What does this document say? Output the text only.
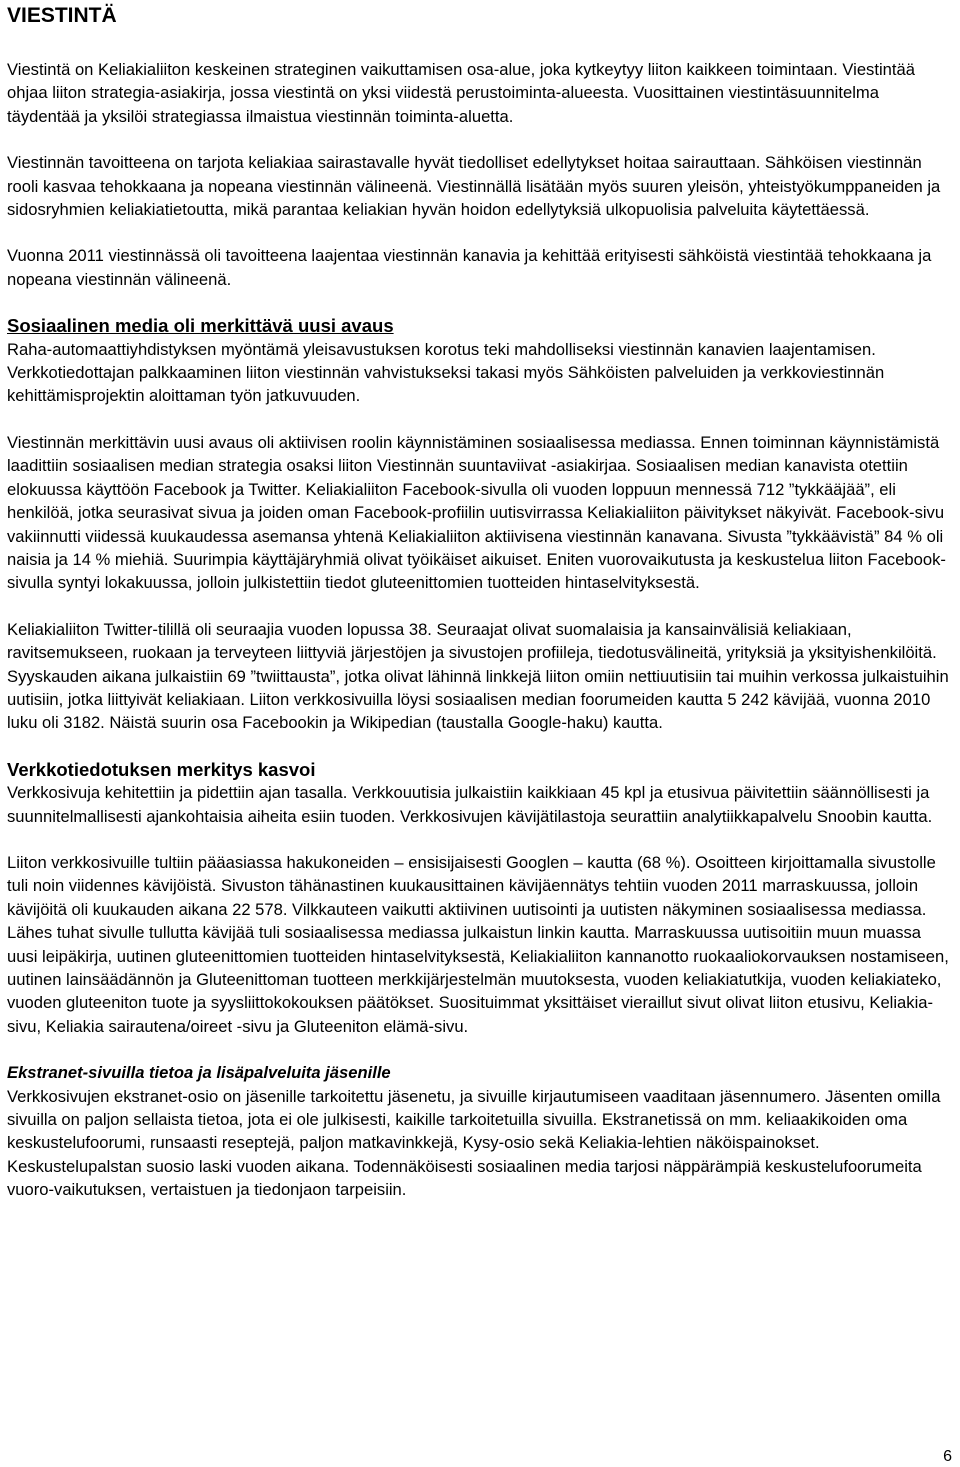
VIESTINTÄ

Viestintä on Keliakialiiton keskeinen strateginen vaikuttamisen osa-alue, joka kytkeytyy liiton kaikkeen toimintaan. Viestintää ohjaa liiton strategia-asiakirja, jossa viestintä on yksi viidestä perustoiminta-alueesta. Vuosittainen viestintäsuunnitelma täydentää ja yksilöi strategiassa ilmaistua viestinnän toiminta-aluetta.

Viestinnän tavoitteena on tarjota keliakiaa sairastavalle hyvät tiedolliset edellytykset hoitaa sairauttaan. Sähköisen viestinnän rooli kasvaa tehokkaana ja nopeana viestinnän välineenä. Viestinnällä lisätään myös suuren yleisön, yhteistyökumppaneiden ja sidosryhmien keliakiatietoutta, mikä parantaa keliakian hyvän hoidon edellytyksiä ulkopuolisia palveluita käytettäessä.

Vuonna 2011 viestinnässä oli tavoitteena laajentaa viestinnän kanavia ja kehittää erityisesti sähköistä viestintää tehokkaana ja nopeana viestinnän välineenä.

Sosiaalinen media oli merkittävä uusi avaus

Raha-automaattiyhdistyksen myöntämä yleisavustuksen korotus teki mahdolliseksi viestinnän kanavien laajentamisen. Verkkotiedottajan palkkaaminen liiton viestinnän vahvistukseksi takasi myös Sähköisten palveluiden ja verkkoviestinnän kehittämisprojektin aloittaman työn jatkuvuuden.

Viestinnän merkittävin uusi avaus oli aktiivisen roolin käynnistäminen sosiaalisessa mediassa. Ennen toiminnan käynnistämistä laadittiin sosiaalisen median strategia osaksi liiton Viestinnän suuntaviivat -asiakirjaa. Sosiaalisen median kanavista otettiin elokuussa käyttöön Facebook ja Twitter. Keliakialiiton Facebook-sivulla oli vuoden loppuun mennessä 712 ”tykkääjää”, eli henkilöä, jotka seurasivat sivua ja joiden oman Facebook-profiilin uutisvirrassa Keliakialiiton päivitykset näkyivät. Facebook-sivu vakiinnutti viidessä kuukaudessa asemansa yhtenä Keliakialiiton aktiivisena viestinnän kanavana. Sivusta ”tykkäävistä” 84 % oli naisia ja 14 % miehiä. Suurimpia käyttäjäryhmiä olivat työikäiset aikuiset. Eniten vuorovaikutusta ja keskustelua liiton Facebook-sivulla syntyi lokakuussa, jolloin julkistettiin tiedot gluteenittomien tuotteiden hintaselvityksestä.

Keliakialiiton Twitter-tilillä oli seuraajia vuoden lopussa 38. Seuraajat olivat suomalaisia ja kansainvälisiä keliakiaan, ravitsemukseen, ruokaan ja terveyteen liittyviä järjestöjen ja sivustojen profiileja, tiedotusvälineitä, yrityksiä ja yksityishenkilöitä. Syyskauden aikana julkaistiin 69 ”twiittausta”, jotka olivat lähinnä linkkejä liiton omiin nettiuutisiin tai muihin verkossa julkaistuihin uutisiin, jotka liittyivät keliakiaan. Liiton verkkosivuilla löysi sosiaalisen median foorumeiden kautta 5 242 kävijää, vuonna 2010 luku oli 3182. Näistä suurin osa Facebookin ja Wikipedian (taustalla Google-haku) kautta.

Verkkotiedotuksen merkitys kasvoi

Verkkosivuja kehitettiin ja pidettiin ajan tasalla. Verkkouutisia julkaistiin kaikkiaan 45 kpl ja etusivua päivitettiin säännöllisesti ja suunnitelmallisesti ajankohtaisia aiheita esiin tuoden. Verkkosivujen kävijätilastoja seurattiin analytiikkapalvelu Snoobin kautta.

Liiton verkkosivuille tultiin pääasiassa hakukoneiden – ensisijaisesti Googlen – kautta (68 %). Osoitteen kirjoittamalla sivustolle tuli noin viidennes kävijöistä. Sivuston tähänastinen kuukausittainen kävijäennätys tehtiin vuoden 2011 marraskuussa, jolloin kävijöitä oli kuukauden aikana 22 578. Vilkkauteen vaikutti aktiivinen uutisointi ja uutisten näkyminen sosiaalisessa mediassa. Lähes tuhat sivulle tullutta kävijää tuli sosiaalisessa mediassa julkaistun linkin kautta. Marraskuussa uutisoitiin muun muassa uusi leipäkirja, uutinen gluteenittomien tuotteiden hintaselvityksestä, Keliakialiiton kannanotto ruokaaliokorvauksen nostamiseen, uutinen lainsäädännön ja Gluteenittoman tuotteen merkkijärjestelmän muutoksesta, vuoden keliakiatutkija, vuoden keliakiateko, vuoden gluteeniton tuote ja syysliittokokouksen päätökset. Suosituimmat yksittäiset vieraillut sivut olivat liiton etusivu, Keliakia-sivu, Keliakia sairautena/oireet -sivu ja Gluteeniton elämä-sivu.

Ekstranet-sivuilla tietoa ja lisäpalveluita jäsenille

Verkkosivujen ekstranet-osio on jäsenille tarkoitettu jäsenetu, ja sivuille kirjautumiseen vaaditaan jäsennumero. Jäsenten omilla sivuilla on paljon sellaista tietoa, jota ei ole julkisesti, kaikille tarkoitetuilla sivuilla. Ekstranetissä on mm. keliaakikoiden oma keskustelufoorumi, runsaasti reseptejä, paljon matkavinkkejä, Kysy-osio sekä Keliakia-lehtien näköispainokset. Keskustelupalstan suosio laski vuoden aikana. Todennäköisesti sosiaalinen media tarjosi näppärämpiä keskustelufoorumeita vuoro-vaikutuksen, vertaistuen ja tiedonjaon tarpeisiin.

6
